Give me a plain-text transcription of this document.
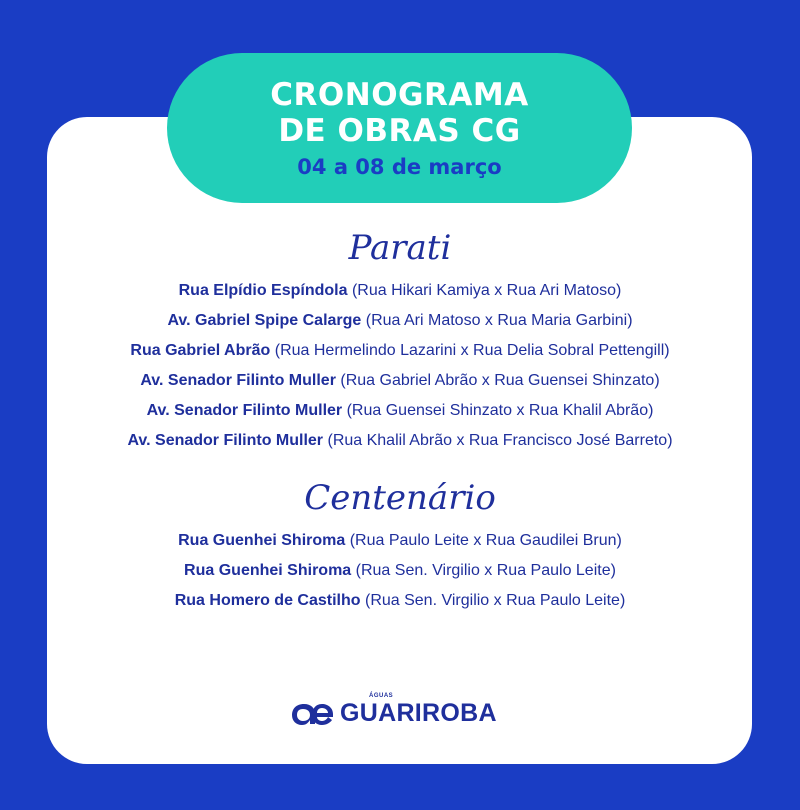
CRONOGRAMA
DE OBRAS CG
04 a 08 de março
Parati
Rua Elpídio Espíndola (Rua Hikari Kamiya x Rua Ari Matoso)
Av. Gabriel Spipe Calarge (Rua Ari Matoso x Rua Maria Garbini)
Rua Gabriel Abrão (Rua Hermelindo Lazarini x Rua Delia Sobral Pettengill)
Av. Senador Filinto Muller (Rua Gabriel Abrão x Rua Guensei Shinzato)
Av. Senador Filinto Muller (Rua Guensei Shinzato x Rua Khalil Abrão)
Av. Senador Filinto Muller (Rua Khalil Abrão x Rua Francisco José Barreto)
Centenário
Rua Guenhei Shiroma (Rua Paulo Leite x Rua Gaudilei Brun)
Rua Guenhei Shiroma (Rua Sen. Virgilio x Rua Paulo Leite)
Rua Homero de Castilho (Rua Sen. Virgilio x Rua Paulo Leite)
ÁGUAS
GUARIROBA
